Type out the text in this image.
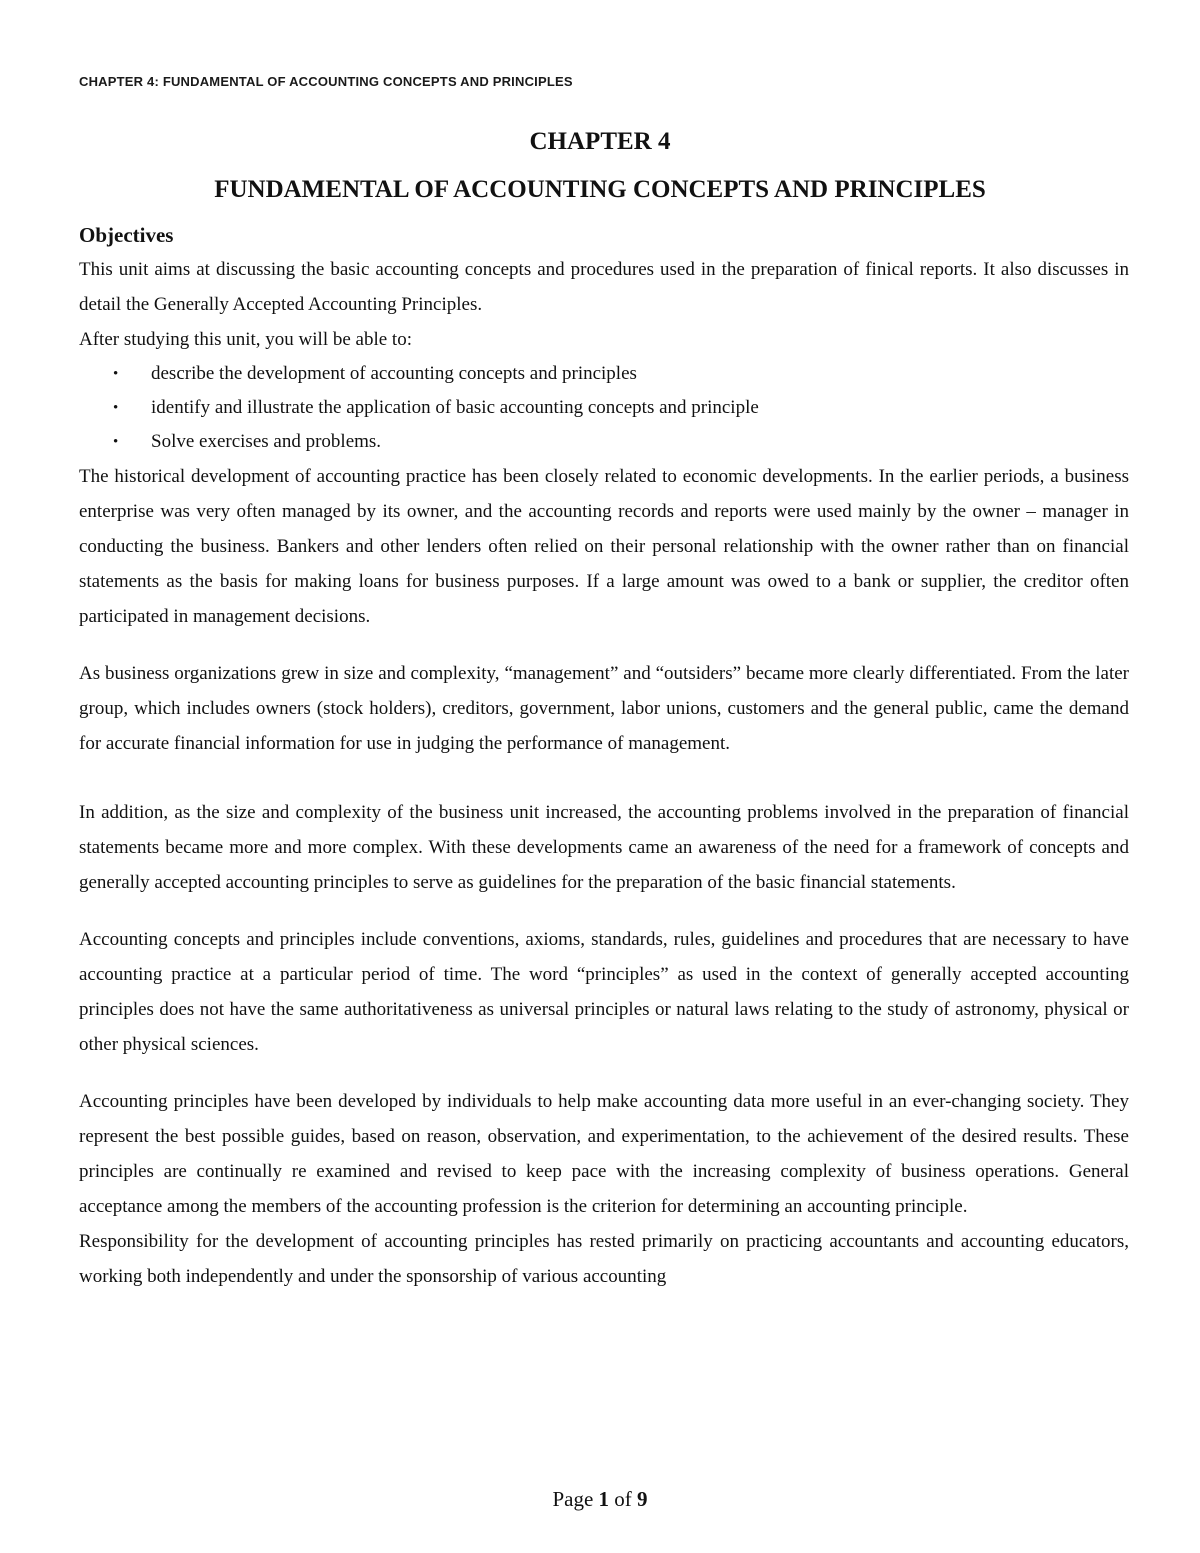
CHAPTER 4: FUNDAMENTAL OF ACCOUNTING CONCEPTS AND PRINCIPLES
CHAPTER 4
FUNDAMENTAL OF ACCOUNTING CONCEPTS AND PRINCIPLES
Objectives

This unit aims at discussing the basic accounting concepts and procedures used in the preparation of finical reports. It also discusses in detail the Generally Accepted Accounting Principles.

After studying this unit, you will be able to:

• describe the development of accounting concepts and principles
• identify and illustrate the application of basic accounting concepts and principle
• Solve exercises and problems.

The historical development of accounting practice has been closely related to economic developments. In the earlier periods, a business enterprise was very often managed by its owner, and the accounting records and reports were used mainly by the owner – manager in conducting the business. Bankers and other lenders often relied on their personal relationship with the owner rather than on financial statements as the basis for making loans for business purposes. If a large amount was owed to a bank or supplier, the creditor often participated in management decisions.

As business organizations grew in size and complexity, “management” and “outsiders” became more clearly differentiated. From the later group, which includes owners (stock holders), creditors, government, labor unions, customers and the general public, came the demand for accurate financial information for use in judging the performance of management.

In addition, as the size and complexity of the business unit increased, the accounting problems involved in the preparation of financial statements became more and more complex. With these developments came an awareness of the need for a framework of concepts and generally accepted accounting principles to serve as guidelines for the preparation of the basic financial statements.

Accounting concepts and principles include conventions, axioms, standards, rules, guidelines and procedures that are necessary to have accounting practice at a particular period of time. The word “principles” as used in the context of generally accepted accounting principles does not have the same authoritativeness as universal principles or natural laws relating to the study of astronomy, physical or other physical sciences.

Accounting principles have been developed by individuals to help make accounting data more useful in an ever-changing society. They represent the best possible guides, based on reason, observation, and experimentation, to the achievement of the desired results. These principles are continually re examined and revised to keep pace with the increasing complexity of business operations. General acceptance among the members of the accounting profession is the criterion for determining an accounting principle.

Responsibility for the development of accounting principles has rested primarily on practicing accountants and accounting educators, working both independently and under the sponsorship of various accounting

Page 1 of 9
